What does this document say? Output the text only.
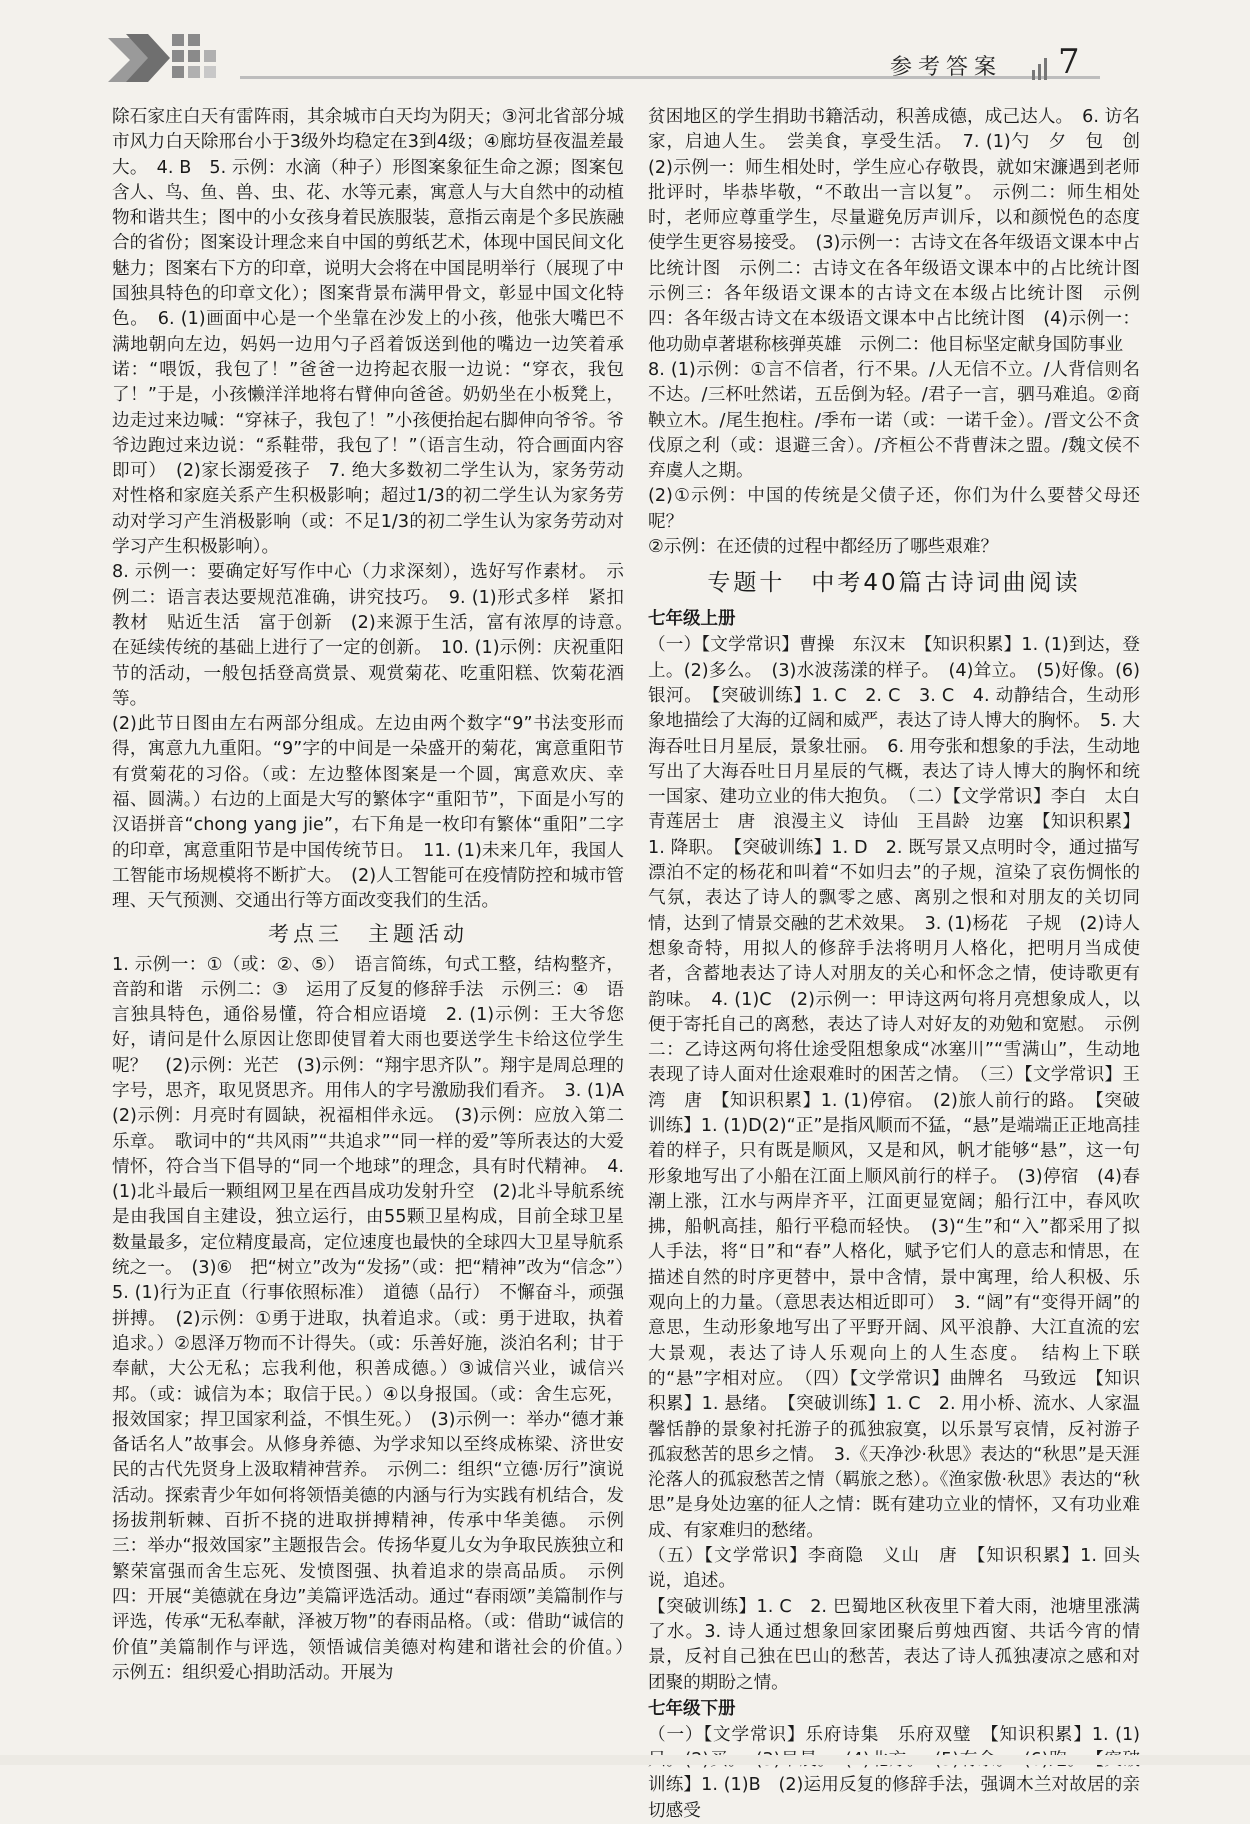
参考答案 7

除石家庄白天有雷阵雨，其余城市白天均为阴天；③河北省部分城市风力白天除邢台小于3级外均稳定在3到4级；④廊坊昼夜温差最大。　4. B　5. 示例：水滴（种子）形图案象征生命之源；图案包含人、鸟、鱼、兽、虫、花、水等元素，寓意人与大自然中的动植物和谐共生；图中的小女孩身着民族服装，意指云南是个多民族融合的省份；图案设计理念来自中国的剪纸艺术，体现中国民间文化魅力；图案右下方的印章，说明大会将在中国昆明举行（展现了中国独具特色的印章文化）；图案背景布满甲骨文，彰显中国文化特色。　6. (1)画面中心是一个坐靠在沙发上的小孩，他张大嘴巴不满地朝向左边，妈妈一边用勺子舀着饭送到他的嘴边一边笑着承诺：“喂饭，我包了！”爸爸一边挎起衣服一边说：“穿衣，我包了！”于是，小孩懒洋洋地将右臂伸向爸爸。奶奶坐在小板凳上，边走过来边喊：“穿袜子，我包了！”小孩便抬起右脚伸向爷爷。爷爷边跑过来边说：“系鞋带，我包了！”（语言生动，符合画面内容即可）　(2)家长溺爱孩子　7. 绝大多数初二学生认为，家务劳动对性格和家庭关系产生积极影响；超过1/3的初二学生认为家务劳动对学习产生消极影响（或：不足1/3的初二学生认为家务劳动对学习产生积极影响）。

8. 示例一：要确定好写作中心（力求深刻），选好写作素材。　示例二：语言表达要规范准确，讲究技巧。　9. (1)形式多样　紧扣教材　贴近生活　富于创新　(2)来源于生活，富有浓厚的诗意。　在延续传统的基础上进行了一定的创新。　10. (1)示例：庆祝重阳节的活动，一般包括登高赏景、观赏菊花、吃重阳糕、饮菊花酒等。

(2)此节日图由左右两部分组成。左边由两个数字“9”书法变形而得，寓意九九重阳。“9”字的中间是一朵盛开的菊花，寓意重阳节有赏菊花的习俗。（或：左边整体图案是一个圆，寓意欢庆、幸福、圆满。）右边的上面是大写的繁体字“重阳节”，下面是小写的汉语拼音“chong yang jie”，右下角是一枚印有繁体“重阳”二字的印章，寓意重阳节是中国传统节日。　11. (1)未来几年，我国人工智能市场规模将不断扩大。　(2)人工智能可在疫情防控和城市管理、天气预测、交通出行等方面改变我们的生活。

考点三　主题活动

1. 示例一：①（或：②、⑤）　语言简练，句式工整，结构整齐，音韵和谐　示例二：③　运用了反复的修辞手法　示例三：④　语言独具特色，通俗易懂，符合相应语境　2. (1)示例：王大爷您好，请问是什么原因让您即使冒着大雨也要送学生卡给这位学生呢？　(2)示例：光芒　(3)示例：“翔宇思齐队”。翔宇是周总理的字号，思齐，取见贤思齐。用伟人的字号激励我们看齐。　3. (1)A　(2)示例：月亮时有圆缺，祝福相伴永远。　(3)示例：应放入第二乐章。　歌词中的“共风雨”“共追求”“同一样的爱”等所表达的大爱情怀，符合当下倡导的“同一个地球”的理念，具有时代精神。　4. (1)北斗最后一颗组网卫星在西昌成功发射升空　(2)北斗导航系统是由我国自主建设，独立运行，由55颗卫星构成，目前全球卫星数量最多，定位精度最高，定位速度也最快的全球四大卫星导航系统之一。　(3)⑥　把“树立”改为“发扬”（或：把“精神”改为“信念”）　5. (1)行为正直（行事依照标准）　道德（品行）　不懈奋斗，顽强拼搏。　(2)示例：①勇于进取，执着追求。（或：勇于进取，执着追求。）②恩泽万物而不计得失。（或：乐善好施，淡泊名利；甘于奉献，大公无私；忘我利他，积善成德。）③诚信兴业，诚信兴邦。（或：诚信为本；取信于民。）④以身报国。（或：舍生忘死，报效国家；捍卫国家利益，不惧生死。）　(3)示例一：举办“德才兼备话名人”故事会。从修身养德、为学求知以至终成栋梁、济世安民的古代先贤身上汲取精神营养。　示例二：组织“立德·厉行”演说活动。探索青少年如何将领悟美德的内涵与行为实践有机结合，发扬拔荆斩棘、百折不挠的进取拼搏精神，传承中华美德。　示例三：举办“报效国家”主题报告会。传扬华夏儿女为争取民族独立和繁荣富强而舍生忘死、发愤图强、执着追求的崇高品质。　示例四：开展“美德就在身边”美篇评选活动。通过“春雨颂”美篇制作与评选，传承“无私奉献，泽被万物”的春雨品格。（或：借助“诚信的价值”美篇制作与评选，领悟诚信美德对构建和谐社会的价值。）　示例五：组织爱心捐助活动。开展为

贫困地区的学生捐助书籍活动，积善成德，成己达人。　6. 访名家，启迪人生。　尝美食，享受生活。　7. (1)勺　夕　包　创　(2)示例一：师生相处时，学生应心存敬畏，就如宋濂遇到老师批评时，毕恭毕敬，“不敢出一言以复”。　示例二：师生相处时，老师应尊重学生，尽量避免厉声训斥，以和颜悦色的态度使学生更容易接受。　(3)示例一：古诗文在各年级语文课本中占比统计图　示例二：古诗文在各年级语文课本中的占比统计图　示例三：各年级语文课本的古诗文在本级占比统计图　示例四：各年级古诗文在本级语文课本中占比统计图　(4)示例一：他功勋卓著堪称核弹英雄　示例二：他目标坚定献身国防事业

8. (1)示例：①言不信者，行不果。/人无信不立。/人背信则名不达。/三杯吐然诺，五岳倒为轻。/君子一言，驷马难追。②商鞅立木。/尾生抱柱。/季布一诺（或：一诺千金）。/晋文公不贪伐原之利（或：退避三舍）。/齐桓公不背曹沫之盟。/魏文侯不弃虞人之期。

(2)①示例：中国的传统是父债子还，你们为什么要替父母还呢？

②示例：在还债的过程中都经历了哪些艰难？

专题十　中考40篇古诗词曲阅读
七年级上册

（一）【文学常识】曹操　东汉末　【知识积累】1. (1)到达，登上。(2)多么。　(3)水波荡漾的样子。　(4)耸立。　(5)好像。(6)银河。　【突破训练】1. C　2. C　3. C　4. 动静结合，生动形象地描绘了大海的辽阔和威严，表达了诗人博大的胸怀。　5. 大海吞吐日月星辰，景象壮丽。　6. 用夸张和想象的手法，生动地写出了大海吞吐日月星辰的气概，表达了诗人博大的胸怀和统一国家、建功立业的伟大抱负。　（二）【文学常识】李白　太白　青莲居士　唐　浪漫主义　诗仙　王昌龄　边塞　【知识积累】1. 降职。　【突破训练】1. D　2. 既写景又点明时令，通过描写漂泊不定的杨花和叫着“不如归去”的子规，渲染了哀伤惆怅的气氛，表达了诗人的飘零之感、离别之恨和对朋友的关切同情，达到了情景交融的艺术效果。　3. (1)杨花　子规　(2)诗人想象奇特，用拟人的修辞手法将明月人格化，把明月当成使者，含蓄地表达了诗人对朋友的关心和怀念之情，使诗歌更有韵味。　4. (1)C　(2)示例一：甲诗这两句将月亮想象成人，以便于寄托自己的离愁，表达了诗人对好友的劝勉和宽慰。　示例二：乙诗这两句将仕途受阻想象成“冰塞川”“雪满山”，生动地表现了诗人面对仕途艰难时的困苦之情。　（三）【文学常识】王湾　唐　【知识积累】1. (1)停宿。　(2)旅人前行的路。　【突破训练】1. (1)D(2)“正”是指风顺而不猛，“悬”是端端正正地高挂着的样子，只有既是顺风，又是和风，帆才能够“悬”，这一句形象地写出了小船在江面上顺风前行的样子。　(3)停宿　(4)春潮上涨，江水与两岸齐平，江面更显宽阔；船行江中，春风吹拂，船帆高挂，船行平稳而轻快。　(3)“生”和“入”都采用了拟人手法，将“日”和“春”人格化，赋予它们人的意志和情思，在描述自然的时序更替中，景中含情，景中寓理，给人积极、乐观向上的力量。（意思表达相近即可）　3. “阔”有“变得开阔”的意思，生动形象地写出了平野开阔、风平浪静、大江直流的宏大景观，表达了诗人乐观向上的人生态度。　结构上下联的“悬”字相对应。　（四）【文学常识】曲牌名　马致远　【知识积累】1. 悬绪。　【突破训练】1. C　2. 用小桥、流水、人家温馨恬静的景象衬托游子的孤独寂寞，以乐景写哀情，反衬游子孤寂愁苦的思乡之情。　3.《天净沙·秋思》表达的“秋思”是天涯沦落人的孤寂愁苦之情（羁旅之愁）。《渔家傲·秋思》表达的“秋思”是身处边塞的征人之情：既有建功立业的情怀，又有功业难成、有家难归的愁绪。

（五）【文学常识】李商隐　义山　唐　【知识积累】1. 回头说，追述。

【突破训练】1. C　2. 巴蜀地区秋夜里下着大雨，池塘里涨满了水。3. 诗人通过想象回家团聚后剪烛西窗、共话今宵的情景，反衬自己独在巴山的愁苦，表达了诗人孤独凄凉之感和对团聚的期盼之情。

七年级下册

（一）【文学常识】乐府诗集　乐府双璧　【知识积累】1. (1)　　　　　训练】1. (1)B　(2)运用反复的修辞手法，强调木兰对故居的亲切感受
